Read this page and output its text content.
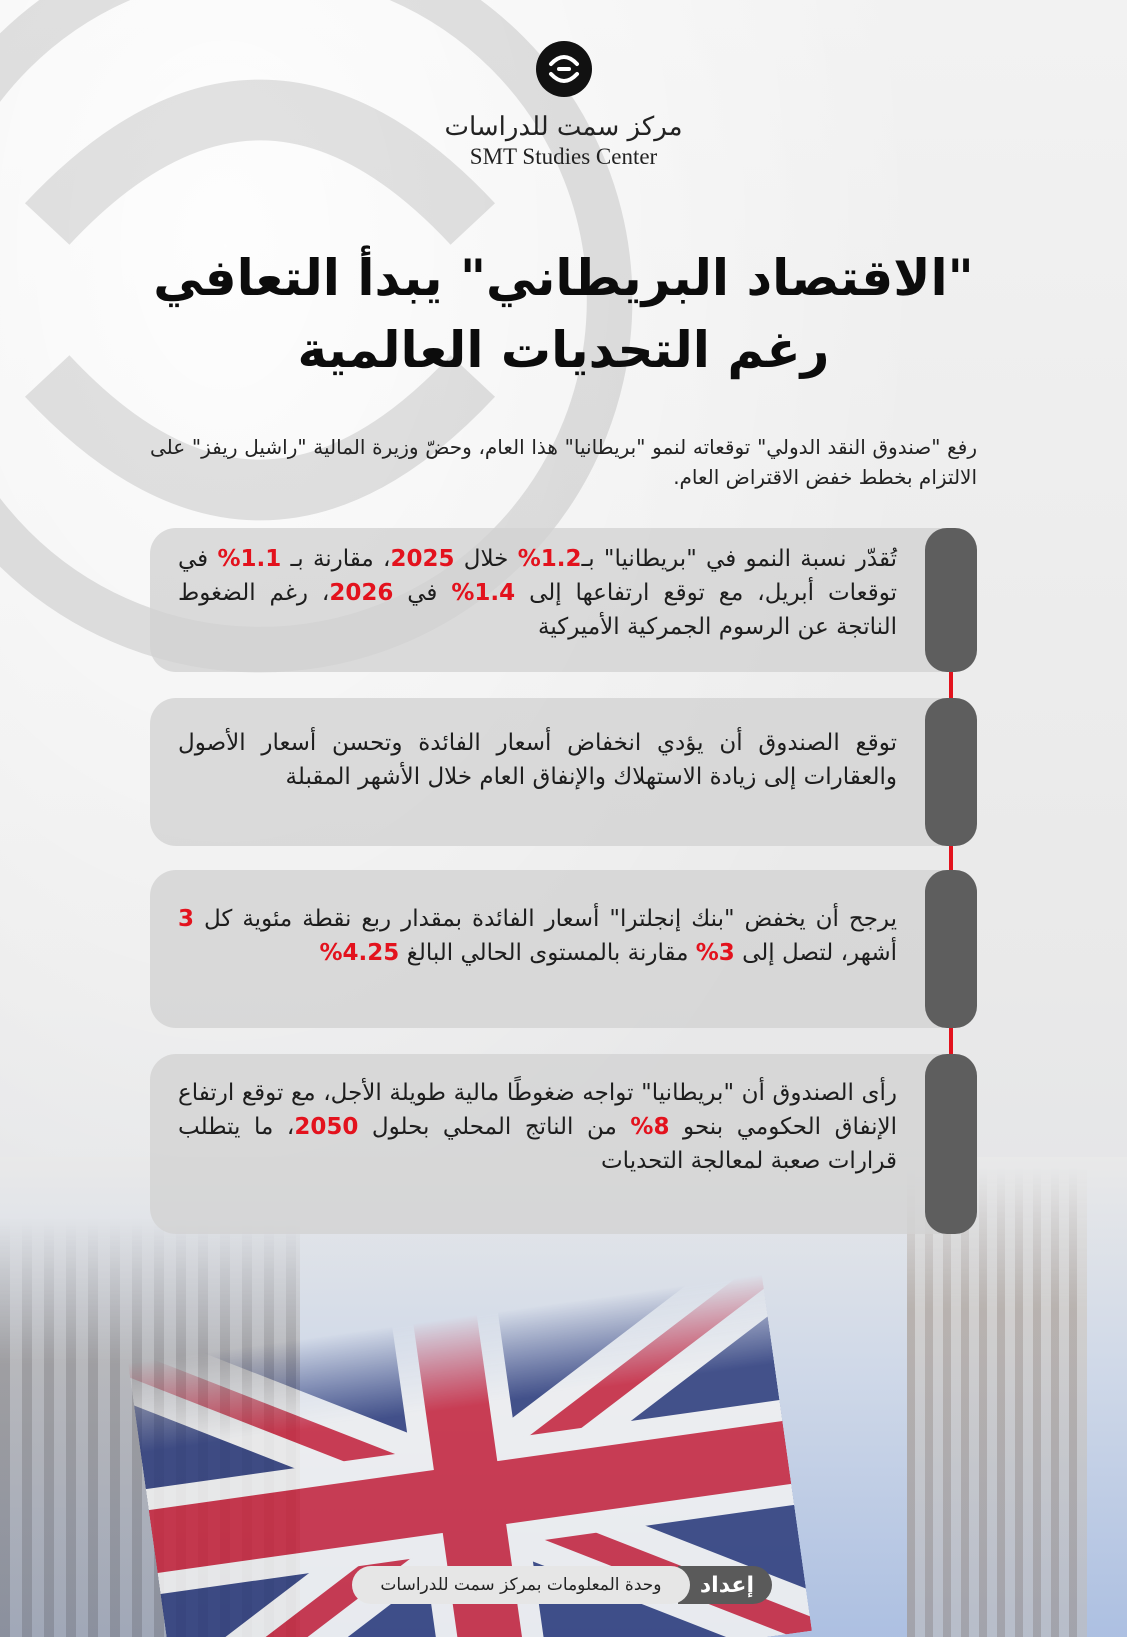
مركز سمت للدراسات
SMT Studies Center
"الاقتصاد البريطاني" يبدأ التعافي
رغم التحديات العالمية

رفع "صندوق النقد الدولي" توقعاته لنمو "بريطانيا" هذا العام، وحضّ وزيرة المالية "راشيل ريفز" على الالتزام بخطط خفض الاقتراض العام.

تُقدّر نسبة النمو في "بريطانيا" بـ1.2% خلال 2025، مقارنة بـ 1.1% في توقعات أبريل، مع توقع ارتفاعها إلى 1.4% في 2026، رغم الضغوط الناتجة عن الرسوم الجمركية الأميركية

توقع الصندوق أن يؤدي انخفاض أسعار الفائدة وتحسن أسعار الأصول والعقارات إلى زيادة الاستهلاك والإنفاق العام خلال الأشهر المقبلة

يرجح أن يخفض "بنك إنجلترا" أسعار الفائدة بمقدار ربع نقطة مئوية كل 3 أشهر، لتصل إلى 3% مقارنة بالمستوى الحالي البالغ 4.25%

رأى الصندوق أن "بريطانيا" تواجه ضغوطًا مالية طويلة الأجل، مع توقع ارتفاع الإنفاق الحكومي بنحو 8% من الناتج المحلي بحلول 2050، ما يتطلب قرارات صعبة لمعالجة التحديات

إعداد
وحدة المعلومات بمركز سمت للدراسات
